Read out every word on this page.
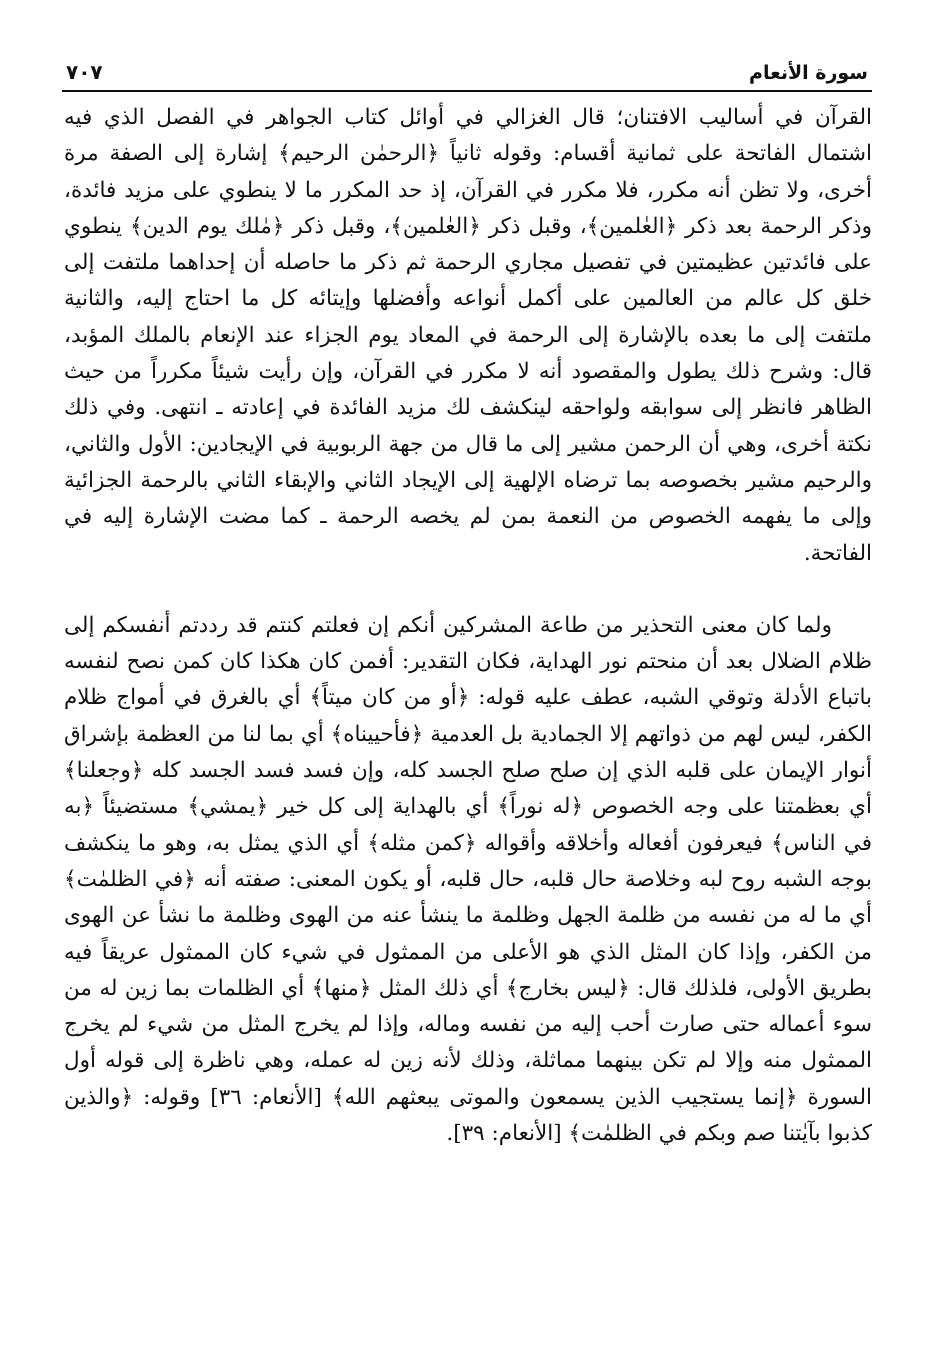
٧٠٧	سورة الأنعام

القرآن في أساليب الافتنان؛ قال الغزالي في أوائل كتاب الجواهر في الفصل الذي فيه اشتمال الفاتحة على ثمانية أقسام: وقوله ثانياً ﴿الرحمٰن الرحيم﴾ إشارة إلى الصفة مرة أخرى، ولا تظن أنه مكرر، فلا مكرر في القرآن، إذ حد المكرر ما لا ينطوي على مزيد فائدة، وذكر الرحمة بعد ذكر ﴿العٰلمين﴾، وقبل ذكر ﴿العٰلمين﴾، وقبل ذكر ﴿مٰلك يوم الدين﴾ ينطوي على فائدتين عظيمتين في تفصيل مجاري الرحمة ثم ذكر ما حاصله أن إحداهما ملتفت إلى خلق كل عالم من العالمين على أكمل أنواعه وأفضلها وإيتائه كل ما احتاج إليه، والثانية ملتفت إلى ما بعده بالإشارة إلى الرحمة في المعاد يوم الجزاء عند الإنعام بالملك المؤبد، قال: وشرح ذلك يطول والمقصود أنه لا مكرر في القرآن، وإن رأيت شيئاً مكرراً من حيث الظاهر فانظر إلى سوابقه ولواحقه لينكشف لك مزيد الفائدة في إعادته ـ انتهى. وفي ذلك نكتة أخرى، وهي أن الرحمن مشير إلى ما قال من جهة الربوبية في الإيجادين: الأول والثاني، والرحيم مشير بخصوصه بما ترضاه الإلهية إلى الإيجاد الثاني والإبقاء الثاني بالرحمة الجزائية وإلى ما يفهمه الخصوص من النعمة بمن لم يخصه الرحمة ـ كما مضت الإشارة إليه في الفاتحة.

ولما كان معنى التحذير من طاعة المشركين أنكم إن فعلتم كنتم قد رددتم أنفسكم إلى ظلام الضلال بعد أن منحتم نور الهداية، فكان التقدير: أفمن كان هكذا كان كمن نصح لنفسه باتباع الأدلة وتوقي الشبه، عطف عليه قوله: ﴿أو من كان ميتاً﴾ أي بالغرق في أمواج ظلام الكفر، ليس لهم من ذواتهم إلا الجمادية بل العدمية ﴿فأحييناه﴾ أي بما لنا من العظمة بإشراق أنوار الإيمان على قلبه الذي إن صلح صلح الجسد كله، وإن فسد فسد الجسد كله ﴿وجعلنا﴾ أي بعظمتنا على وجه الخصوص ﴿له نوراً﴾ أي بالهداية إلى كل خير ﴿يمشي﴾ مستضيئاً ﴿به في الناس﴾ فيعرفون أفعاله وأخلاقه وأقواله ﴿كمن مثله﴾ أي الذي يمثل به، وهو ما ينكشف بوجه الشبه روح لبه وخلاصة حال قلبه، حال قلبه، أو يكون المعنى: صفته أنه ﴿في الظلمٰت﴾ أي ما له من نفسه من ظلمة الجهل وظلمة ما ينشأ عنه من الهوى وظلمة ما نشأ عن الهوى من الكفر، وإذا كان المثل الذي هو الأعلى من الممثول في شيء كان الممثول عريقاً فيه بطريق الأولى، فلذلك قال: ﴿ليس بخارج﴾ أي ذلك المثل ﴿منها﴾ أي الظلمات بما زين له من سوء أعماله حتى صارت أحب إليه من نفسه وماله، وإذا لم يخرج المثل من شيء لم يخرج الممثول منه وإلا لم تكن بينهما مماثلة، وذلك لأنه زين له عمله، وهي ناظرة إلى قوله أول السورة ﴿إنما يستجيب الذين يسمعون والموتى يبعثهم الله﴾ [الأنعام: ٣٦] وقوله: ﴿والذين كذبوا بآيٰتنا صم وبكم في الظلمٰت﴾ [الأنعام: ٣٩].
